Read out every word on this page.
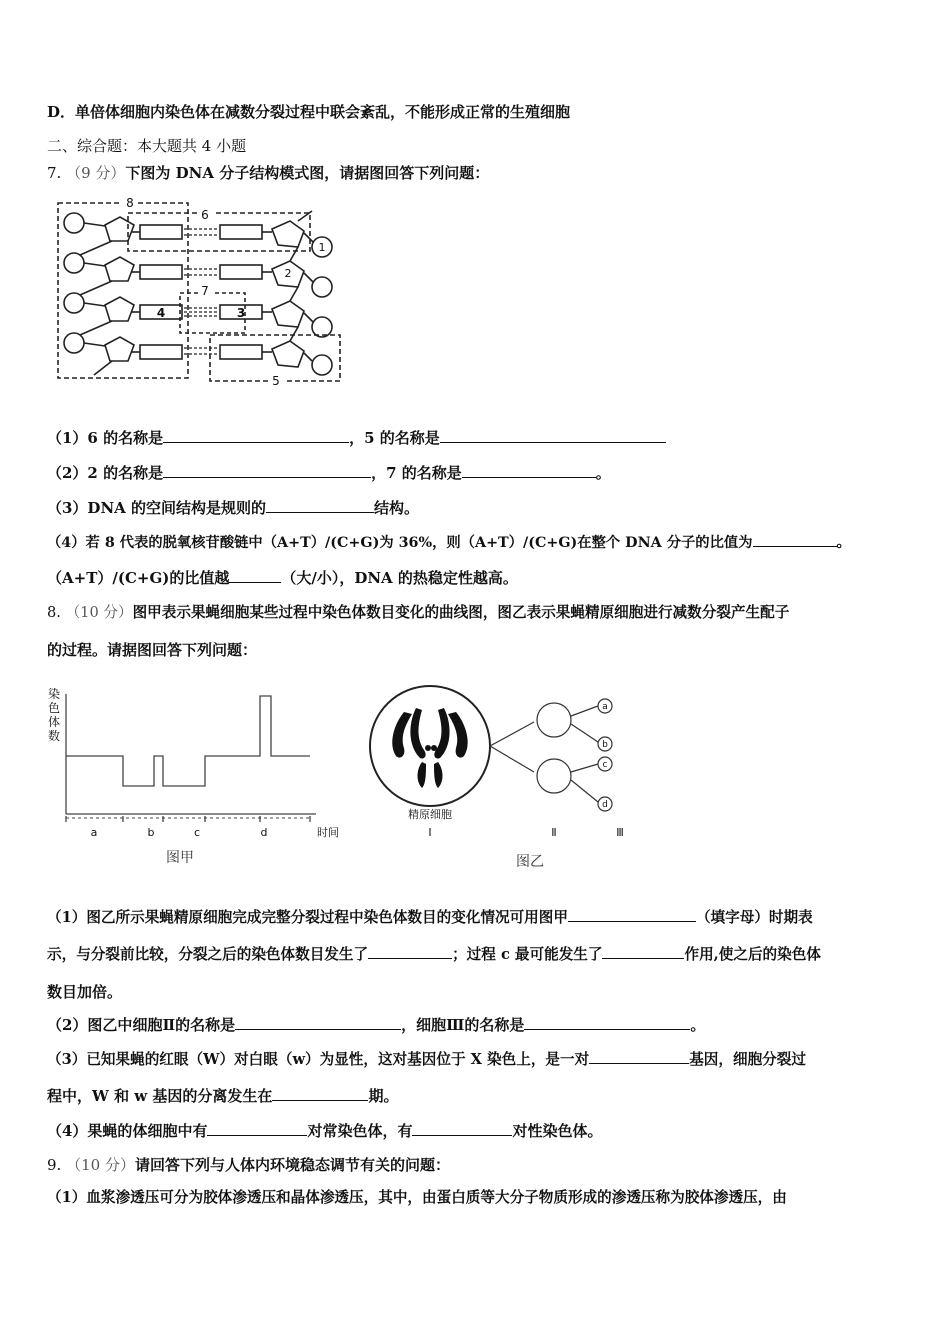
D．单倍体细胞内染色体在减数分裂过程中联会紊乱，不能形成正常的生殖细胞
二、综合题：本大题共 4 小题
7. （9 分）下图为 DNA 分子结构模式图，请据图回答下列问题：
8
6
7
5
4	3
1
2
（1）6 的名称是	，5 的名称是
（2）2 的名称是	，7 的名称是	。
（3）DNA 的空间结构是规则的	结构。
（4）若 8 代表的脱氧核苷酸链中（A+T）/(C+G)为 36%，则（A+T）/(C+G)在整个 DNA 分子的比值为	。
（A+T）/(C+G)的比值越	（大/小），DNA 的热稳定性越高。
8. （10 分）图甲表示果蝇细胞某些过程中染色体数目变化的曲线图，图乙表示果蝇精原细胞进行减数分裂产生配子
的过程。请据图回答下列问题：
染
色
体
数
a	b	c	d	时间
图甲
a
b
c
d
精原细胞
Ⅰ	Ⅱ	Ⅲ
图乙
（1）图乙所示果蝇精原细胞完成完整分裂过程中染色体数目的变化情况可用图甲	（填字母）时期表
示，与分裂前比较，分裂之后的染色体数目发生了	；过程 c 最可能发生了	作用,使之后的染色体
数目加倍。
（2）图乙中细胞Ⅱ的名称是	，细胞Ⅲ的名称是	。
（3）已知果蝇的红眼（W）对白眼（w）为显性，这对基因位于 X 染色上，是一对	基因，细胞分裂过
程中，W 和 w 基因的分离发生在	期。
（4）果蝇的体细胞中有	对常染色体，有	对性染色体。
9. （10 分）请回答下列与人体内环境稳态调节有关的问题：
（1）血浆渗透压可分为胶体渗透压和晶体渗透压，其中，由蛋白质等大分子物质形成的渗透压称为胶体渗透压，由
